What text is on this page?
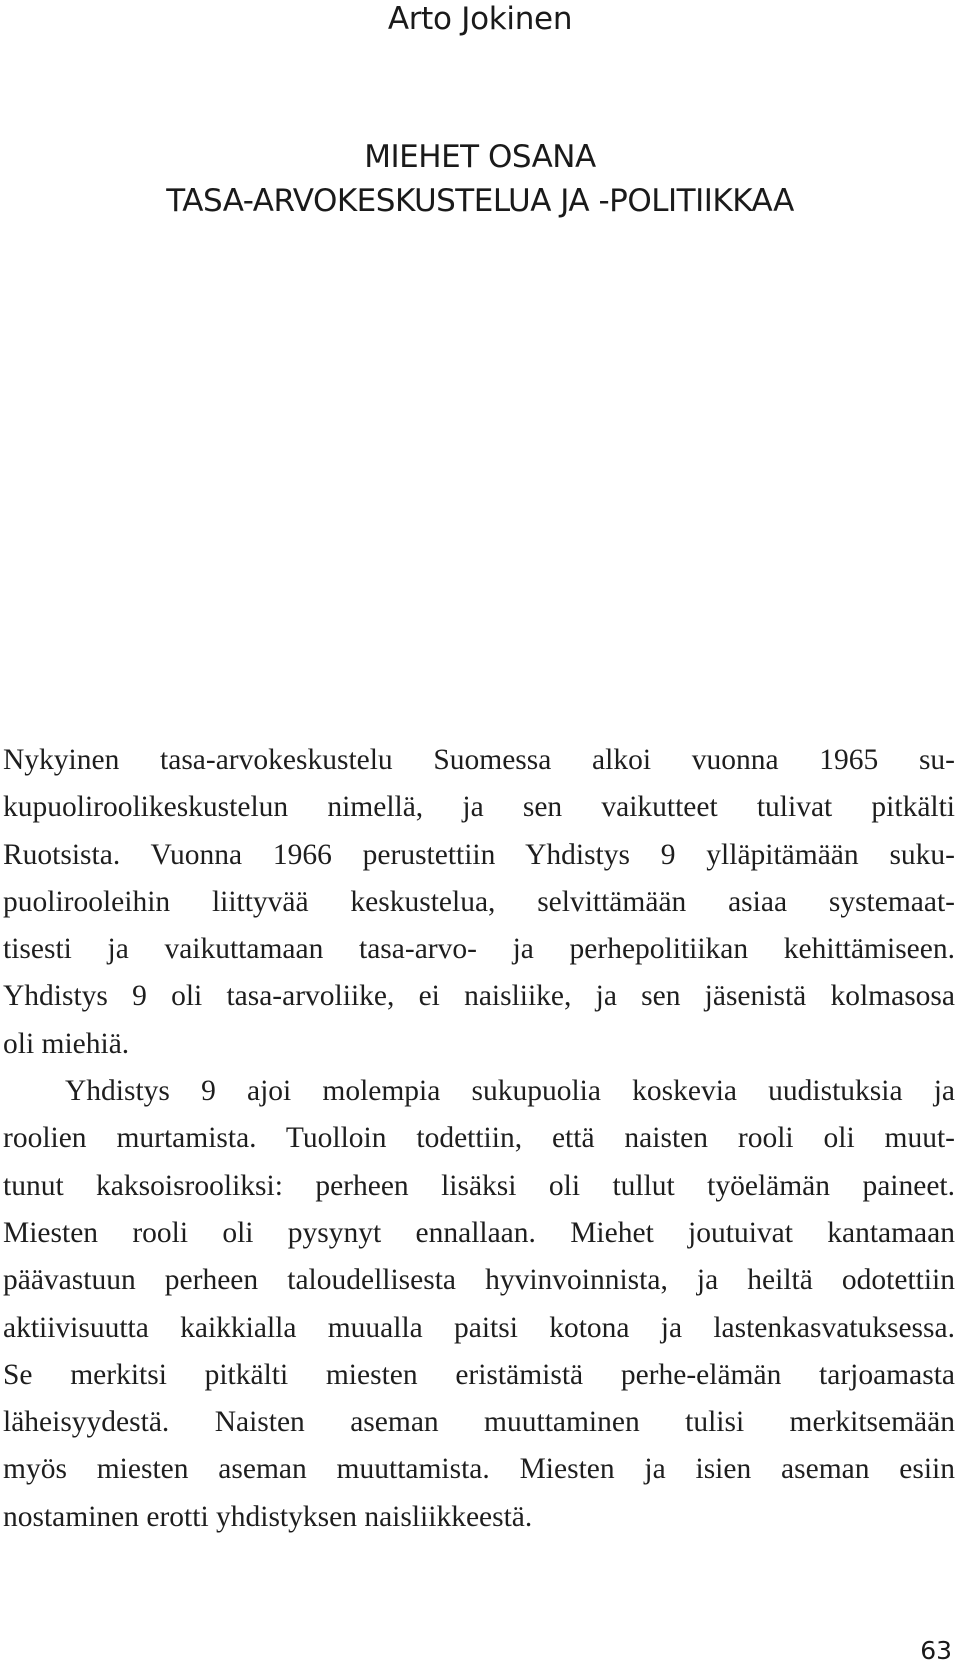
Arto Jokinen
MIEHET OSANA
TASA-ARVOKESKUSTELUA JA -POLITIIKKAA
Nykyinen tasa-arvokeskustelu Suomessa alkoi vuonna 1965 su-
kupuoliroolikeskustelun nimellä, ja sen vaikutteet tulivat pitkälti
Ruotsista. Vuonna 1966 perustettiin Yhdistys 9 ylläpitämään suku-
puolirooleihin liittyvää keskustelua, selvittämään asiaa systemaat-
tisesti ja vaikuttamaan tasa-arvo- ja perhepolitiikan kehittämiseen.
Yhdistys 9 oli tasa-arvoliike, ei naisliike, ja sen jäsenistä kolmasosa
oli miehiä.
Yhdistys 9 ajoi molempia sukupuolia koskevia uudistuksia ja
roolien murtamista. Tuolloin todettiin, että naisten rooli oli muut-
tunut kaksoisrooliksi: perheen lisäksi oli tullut työelämän paineet.
Miesten rooli oli pysynyt ennallaan. Miehet joutuivat kantamaan
päävastuun perheen taloudellisesta hyvinvoinnista, ja heiltä odotettiin
aktiivisuutta kaikkialla muualla paitsi kotona ja lastenkasvatuksessa.
Se merkitsi pitkälti miesten eristämistä perhe-elämän tarjoamasta
läheisyydestä. Naisten aseman muuttaminen tulisi merkitsemään
myös miesten aseman muuttamista. Miesten ja isien aseman esiin
nostaminen erotti yhdistyksen naisliikkeestä.
63
